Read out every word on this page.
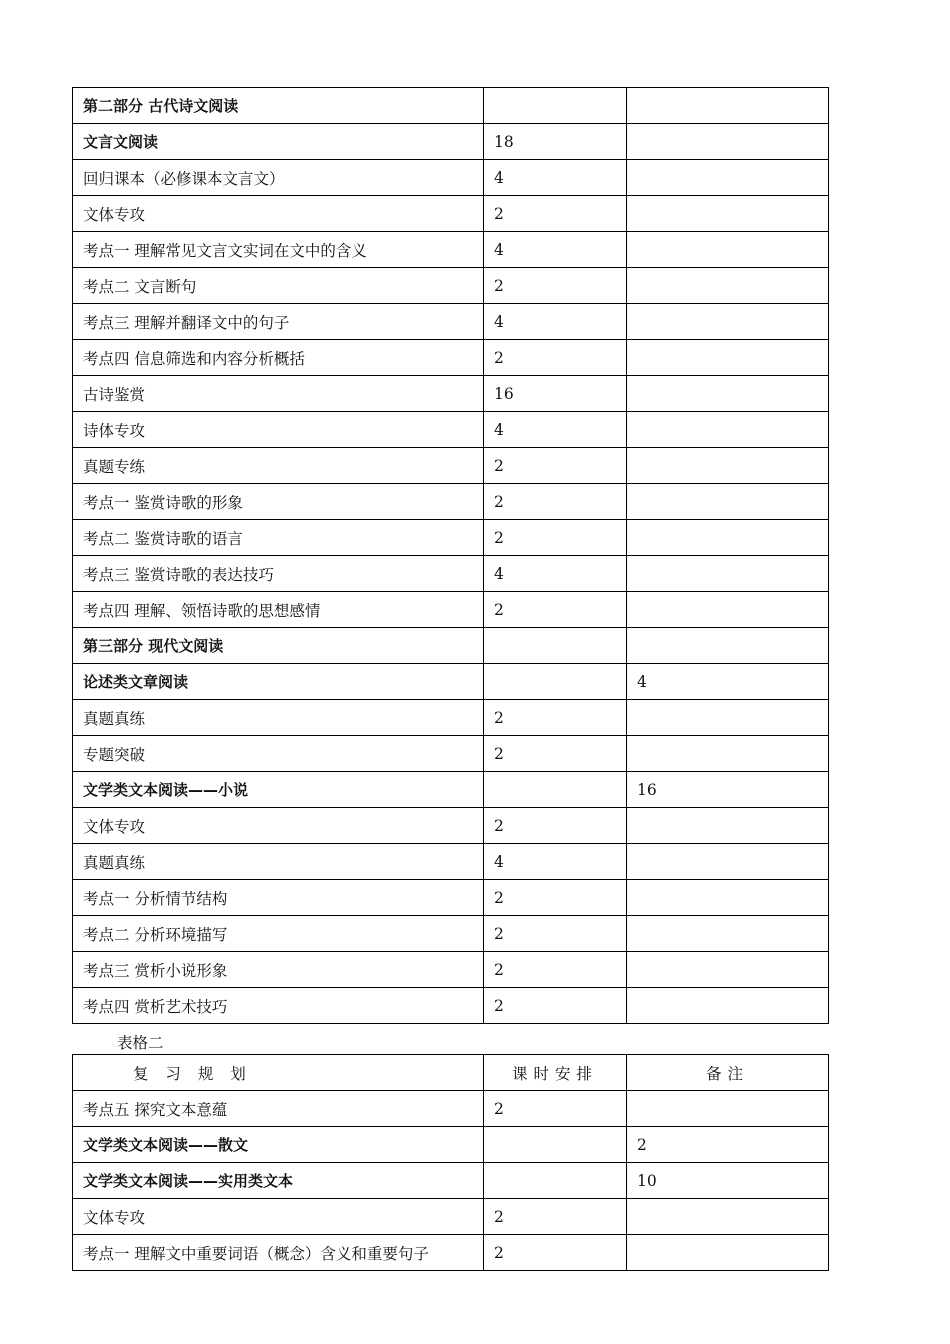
第二部分 古代诗文阅读		
文言文阅读	18	
回归课本（必修课本文言文）	4	
文体专攻	2	
考点一 理解常见文言文实词在文中的含义	4	
考点二 文言断句	2	
考点三 理解并翻译文中的句子	4	
考点四 信息筛选和内容分析概括	2	
古诗鉴赏	16	
诗体专攻	4	
真题专练	2	
考点一 鉴赏诗歌的形象	2	
考点二 鉴赏诗歌的语言	2	
考点三 鉴赏诗歌的表达技巧	4	
考点四 理解、领悟诗歌的思想感情	2	
第三部分 现代文阅读		
论述类文章阅读		4
真题真练	2	
专题突破	2	
文学类文本阅读——小说		16
文体专攻	2	
真题真练	4	
考点一 分析情节结构	2	
考点二 分析环境描写	2	
考点三 赏析小说形象	2	
考点四 赏析艺术技巧	2	
表格二
复 习 规 划	课时安排	备注
考点五 探究文本意蕴	2	
文学类文本阅读——散文		2
文学类文本阅读——实用类文本		10
文体专攻	2	
考点一 理解文中重要词语（概念）含义和重要句子	2	
